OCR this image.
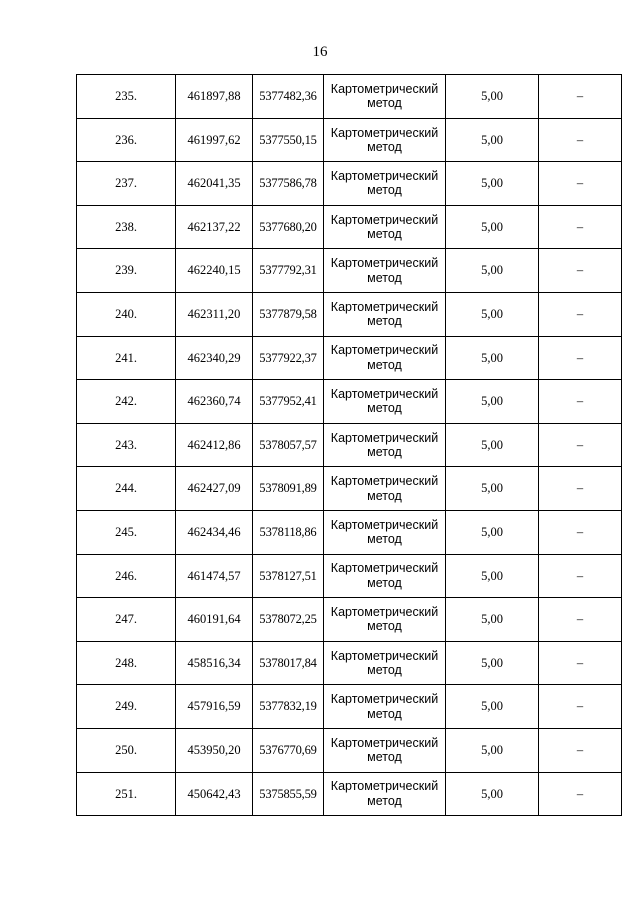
16
235.	461897,88	5377482,36	Картометрический метод	5,00	–
236.	461997,62	5377550,15	Картометрический метод	5,00	–
237.	462041,35	5377586,78	Картометрический метод	5,00	–
238.	462137,22	5377680,20	Картометрический метод	5,00	–
239.	462240,15	5377792,31	Картометрический метод	5,00	–
240.	462311,20	5377879,58	Картометрический метод	5,00	–
241.	462340,29	5377922,37	Картометрический метод	5,00	–
242.	462360,74	5377952,41	Картометрический метод	5,00	–
243.	462412,86	5378057,57	Картометрический метод	5,00	–
244.	462427,09	5378091,89	Картометрический метод	5,00	–
245.	462434,46	5378118,86	Картометрический метод	5,00	–
246.	461474,57	5378127,51	Картометрический метод	5,00	–
247.	460191,64	5378072,25	Картометрический метод	5,00	–
248.	458516,34	5378017,84	Картометрический метод	5,00	–
249.	457916,59	5377832,19	Картометрический метод	5,00	–
250.	453950,20	5376770,69	Картометрический метод	5,00	–
251.	450642,43	5375855,59	Картометрический метод	5,00	–
